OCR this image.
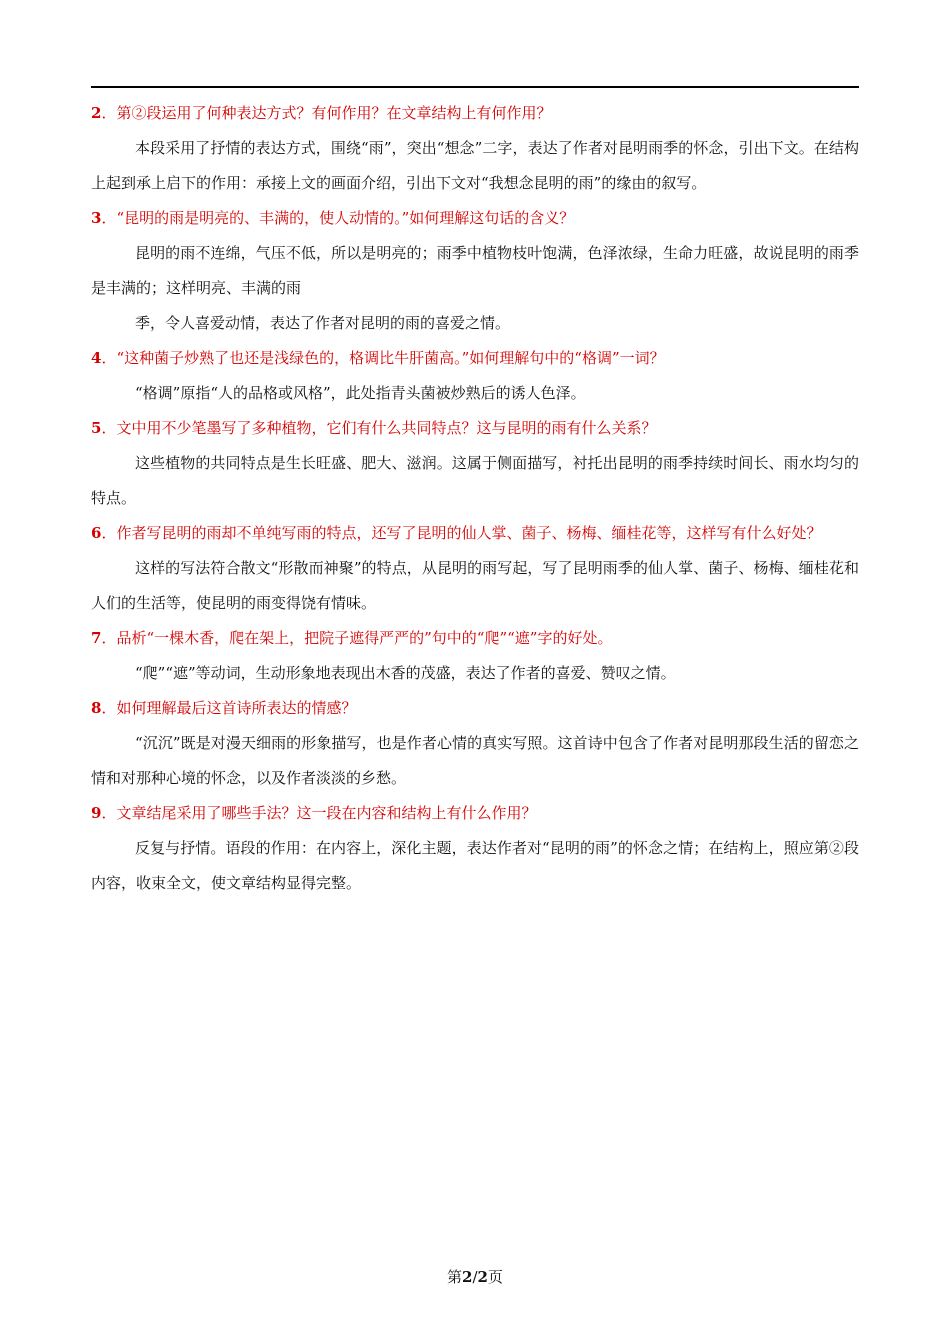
2．第②段运用了何种表达方式？有何作用？在文章结构上有何作用？

本段采用了抒情的表达方式，围绕“雨”，突出“想念”二字，表达了作者对昆明雨季的怀念，引出下文。在结构上起到承上启下的作用：承接上文的画面介绍，引出下文对“我想念昆明的雨”的缘由的叙写。

3．“昆明的雨是明亮的、丰满的，使人动情的。”如何理解这句话的含义？

昆明的雨不连绵，气压不低，所以是明亮的；雨季中植物枝叶饱满，色泽浓绿，生命力旺盛，故说昆明的雨季是丰满的；这样明亮、丰满的雨

季，令人喜爱动情，表达了作者对昆明的雨的喜爱之情。

4．“这种菌子炒熟了也还是浅绿色的，格调比牛肝菌高。”如何理解句中的“格调”一词？

“格调”原指“人的品格或风格”，此处指青头菌被炒熟后的诱人色泽。

5．文中用不少笔墨写了多种植物，它们有什么共同特点？这与昆明的雨有什么关系？

这些植物的共同特点是生长旺盛、肥大、滋润。这属于侧面描写，衬托出昆明的雨季持续时间长、雨水均匀的特点。

6．作者写昆明的雨却不单纯写雨的特点，还写了昆明的仙人掌、菌子、杨梅、缅桂花等，这样写有什么好处？

这样的写法符合散文“形散而神聚”的特点，从昆明的雨写起，写了昆明雨季的仙人掌、菌子、杨梅、缅桂花和人们的生活等，使昆明的雨变得饶有情味。

7．品析“一棵木香，爬在架上，把院子遮得严严的”句中的“爬”“遮”字的好处。

“爬”“遮”等动词，生动形象地表现出木香的茂盛，表达了作者的喜爱、赞叹之情。

8．如何理解最后这首诗所表达的情感？

“沉沉”既是对漫天细雨的形象描写，也是作者心情的真实写照。这首诗中包含了作者对昆明那段生活的留恋之情和对那种心境的怀念，以及作者淡淡的乡愁。

9．文章结尾采用了哪些手法？这一段在内容和结构上有什么作用？

反复与抒情。语段的作用：在内容上，深化主题，表达作者对“昆明的雨”的怀念之情；在结构上，照应第②段内容，收束全文，使文章结构显得完整。

第2/2页
